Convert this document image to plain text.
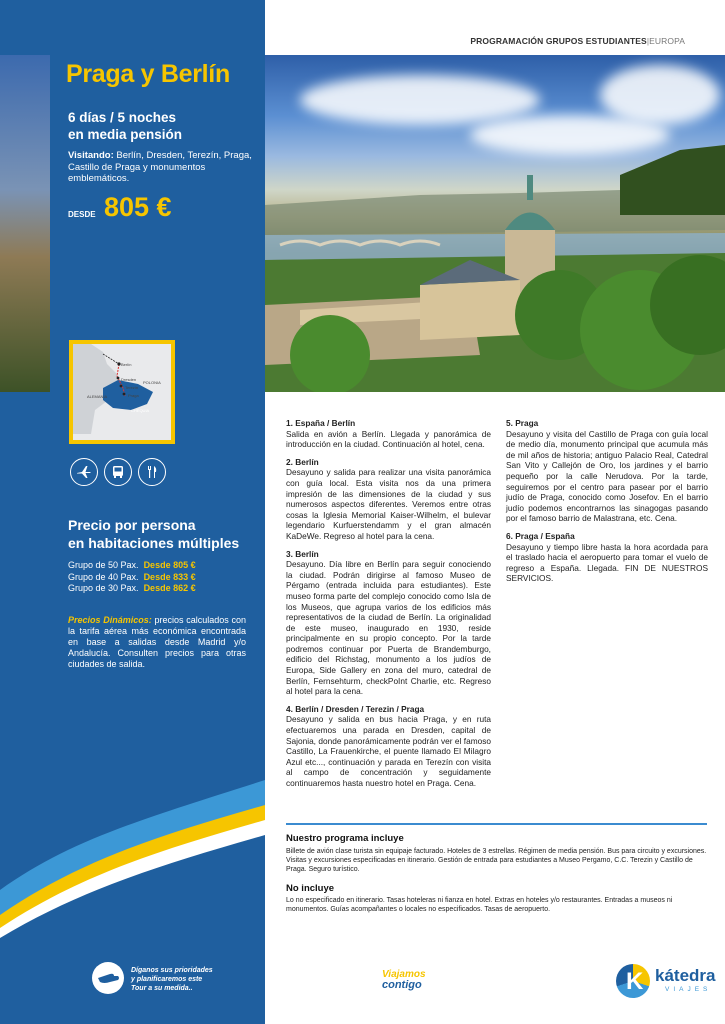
PROGRAMACIÓN GRUPOS ESTUDIANTES|EUROPA
Praga y Berlín
6 días / 5 noches
en media pensión
Visitando: Berlín, Dresden, Terezín, Praga, Castillo de Praga y monumentos emblemáticos.
DESDE 805 €
Berlín
POLONIA
ALEMANIA
Dresden
Terezín
Praga
CHEQUIA
Precio por persona
en habitaciones múltiples
Grupo de 50 Pax. Desde 805 €
Grupo de 40 Pax. Desde 833 €
Grupo de 30 Pax. Desde 862 €
Precios Dinámicos: precios calculados con la tarifa aérea más económica encontrada en base a salidas desde Madrid y/o Andalucía. Consulten precios para otras ciudades de salida.
Díganos sus prioridades
y planificaremos este
Tour a su medida..
1. España / Berlín
Salida en avión a Berlín. Llegada y panorámica de introducción en la ciudad. Continuación al hotel, cena.
2. Berlín
Desayuno y salida para realizar una visita panorámica con guía local. Esta visita nos da una primera impresión de las dimensiones de la ciudad y sus numerosos aspectos diferentes. Veremos entre otras cosas la Iglesia Memorial Kaiser-Wilhelm, el bulevar legendario Kurfuerstendamm y el gran almacén KaDeWe. Regreso al hotel para la cena.
3. Berlín
Desayuno. Día libre en Berlín para seguir conociendo la ciudad. Podrán dirigirse al famoso Museo de Pérgamo (entrada incluida para estudiantes). Este museo forma parte del complejo conocido como Isla de los Museos, que agrupa varios de los edificios más representativos de la ciudad de Berlín. La originalidad de este museo, inaugurado en 1930, reside principalmente en su propio concepto. Por la tarde podremos continuar por Puerta de Brandemburgo, edificio del Richstag, monumento a los judíos de Europa, Side Gallery en zona del muro, catedral de Berlín, Fernsehturm, checkPoInt Charlie, etc. Regreso al hotel para la cena.
4. Berlín / Dresden / Terezin / Praga
Desayuno y salida en bus hacia Praga, y en ruta efectuaremos una parada en Dresden, capital de Sajonia, donde panorámicamente podrán ver el famoso Castillo, La Frauenkirche, el puente llamado El Milagro Azul etc..., continuación y parada en Terezín con visita al campo de concentración y seguidamente continuaremos hasta nuestro hotel en Praga. Cena.
5. Praga
Desayuno y visita del Castillo de Praga con guía local de medio día, monumento principal que acumula más de mil años de historia; antiguo Palacio Real, Catedral San Vito y Callejón de Oro, los jardines y el barrio pequeño por la calle Nerudova. Por la tarde, seguiremos por el centro para pasear por el barrio judío de Praga, conocido como Josefov. En el barrio judío podemos encontrarnos las sinagogas pasando por el famoso barrio de Malastrana, etc. Cena.
6. Praga / España
Desayuno y tiempo libre hasta la hora acordada para el traslado hacia el aeropuerto para tomar el vuelo de regreso a España. Llegada. FIN DE NUESTROS SERVICIOS.
Nuestro programa incluye
Billete de avión clase turista sin equipaje facturado. Hoteles de 3 estrellas. Régimen de media pensión. Bus para circuito y excursiones. Visitas y excursiones especificadas en itinerario. Gestión de entrada para estudiantes a Museo Pergamo, C.C. Terezin y Castillo de Praga. Seguro turístico.
No incluye
Lo no especificado en itinerario. Tasas hoteleras ni fianza en hotel. Extras en hoteles y/o restaurantes. Entradas a museos ni monumentos. Guías acompañantes o locales no especificados. Tasas de aeropuerto.
Viajamos
contigo	K kátedra
VIAJES
